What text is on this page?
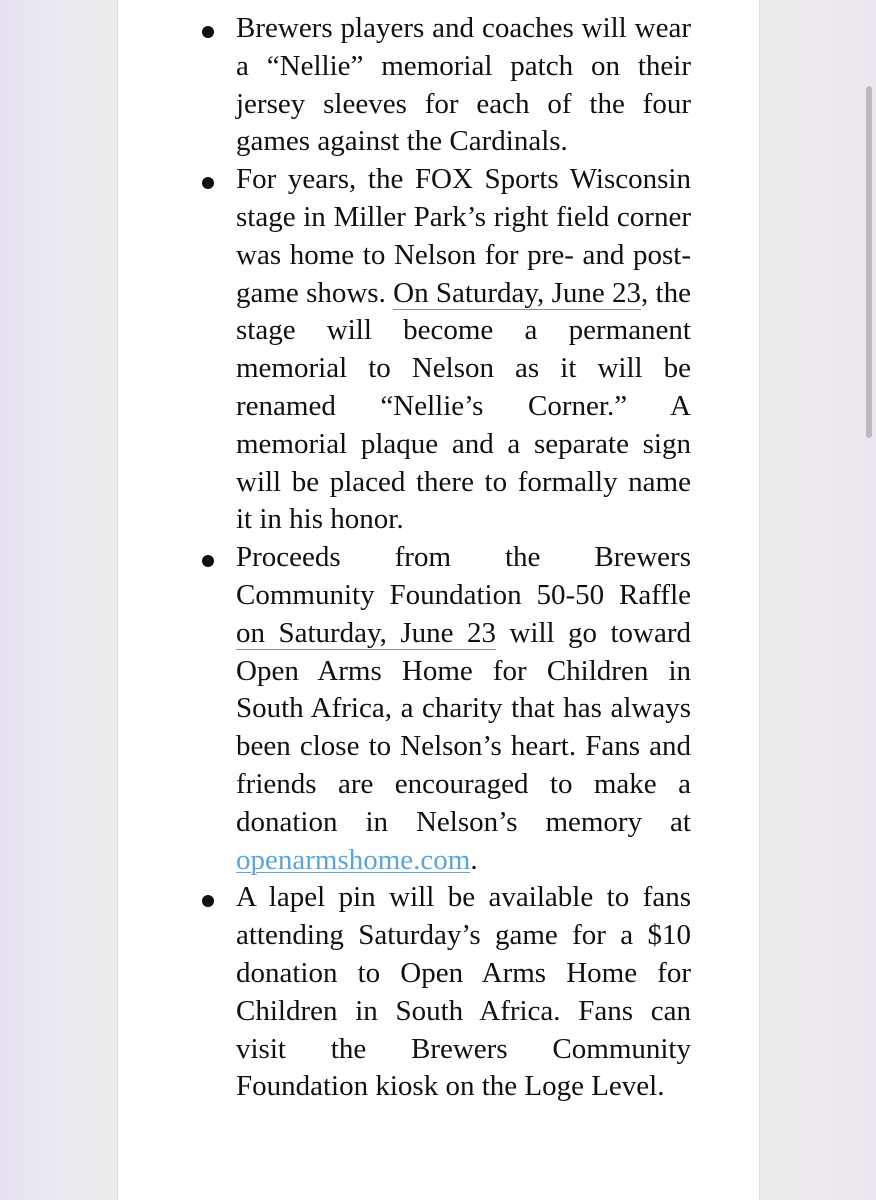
Brewers players and coaches will wear a “Nellie” memorial patch on their jersey sleeves for each of the four games against the Cardinals.

For years, the FOX Sports Wisconsin stage in Miller Park’s right field corner was home to Nelson for pre- and post-game shows. On Saturday, June 23, the stage will become a permanent memorial to Nelson as it will be renamed “Nellie’s Corner.” A memorial plaque and a separate sign will be placed there to formally name it in his honor.

Proceeds from the Brewers Community Foundation 50-50 Raffle on Saturday, June 23 will go toward Open Arms Home for Children in South Africa, a charity that has always been close to Nelson’s heart. Fans and friends are encouraged to make a donation in Nelson’s memory at openarmshome.com.

A lapel pin will be available to fans attending Saturday’s game for a $10 donation to Open Arms Home for Children in South Africa. Fans can visit the Brewers Community Foundation kiosk on the Loge Level.
